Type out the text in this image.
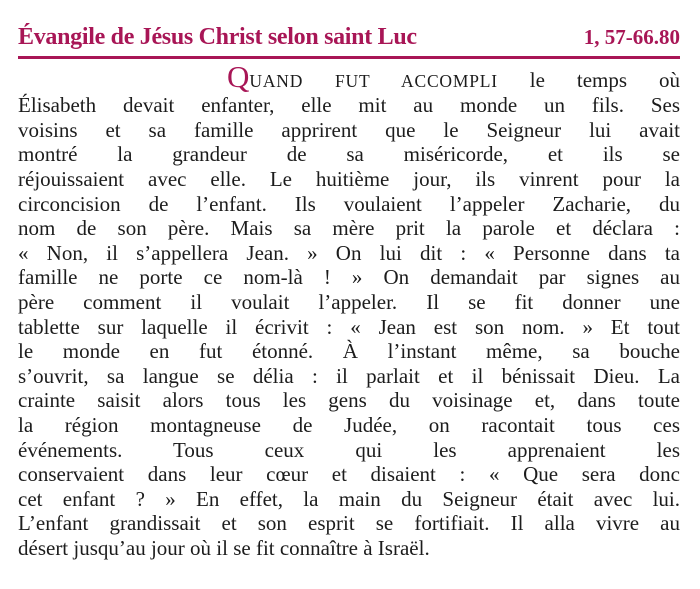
Évangile de Jésus Christ selon saint Luc	1, 57-66.80
QUAND FUT ACCOMPLI le temps où
Élisabeth devait enfanter, elle mit au monde un fils. Ses
voisins et sa famille apprirent que le Seigneur lui avait
montré la grandeur de sa miséricorde, et ils se
réjouissaient avec elle. Le huitième jour, ils vinrent pour la
circoncision de l’enfant. Ils voulaient l’appeler Zacharie, du
nom de son père. Mais sa mère prit la parole et déclara :
« Non, il s’appellera Jean. » On lui dit : « Personne dans ta
famille ne porte ce nom-là ! » On demandait par signes au
père comment il voulait l’appeler. Il se fit donner une
tablette sur laquelle il écrivit : « Jean est son nom. » Et tout
le monde en fut étonné. À l’instant même, sa bouche
s’ouvrit, sa langue se délia : il parlait et il bénissait Dieu. La
crainte saisit alors tous les gens du voisinage et, dans toute
la région montagneuse de Judée, on racontait tous ces
événements. Tous ceux qui les apprenaient les
conservaient dans leur cœur et disaient : « Que sera donc
cet enfant ? » En effet, la main du Seigneur était avec lui.
L’enfant grandissait et son esprit se fortifiait. Il alla vivre au
désert jusqu’au jour où il se fit connaître à Israël.
